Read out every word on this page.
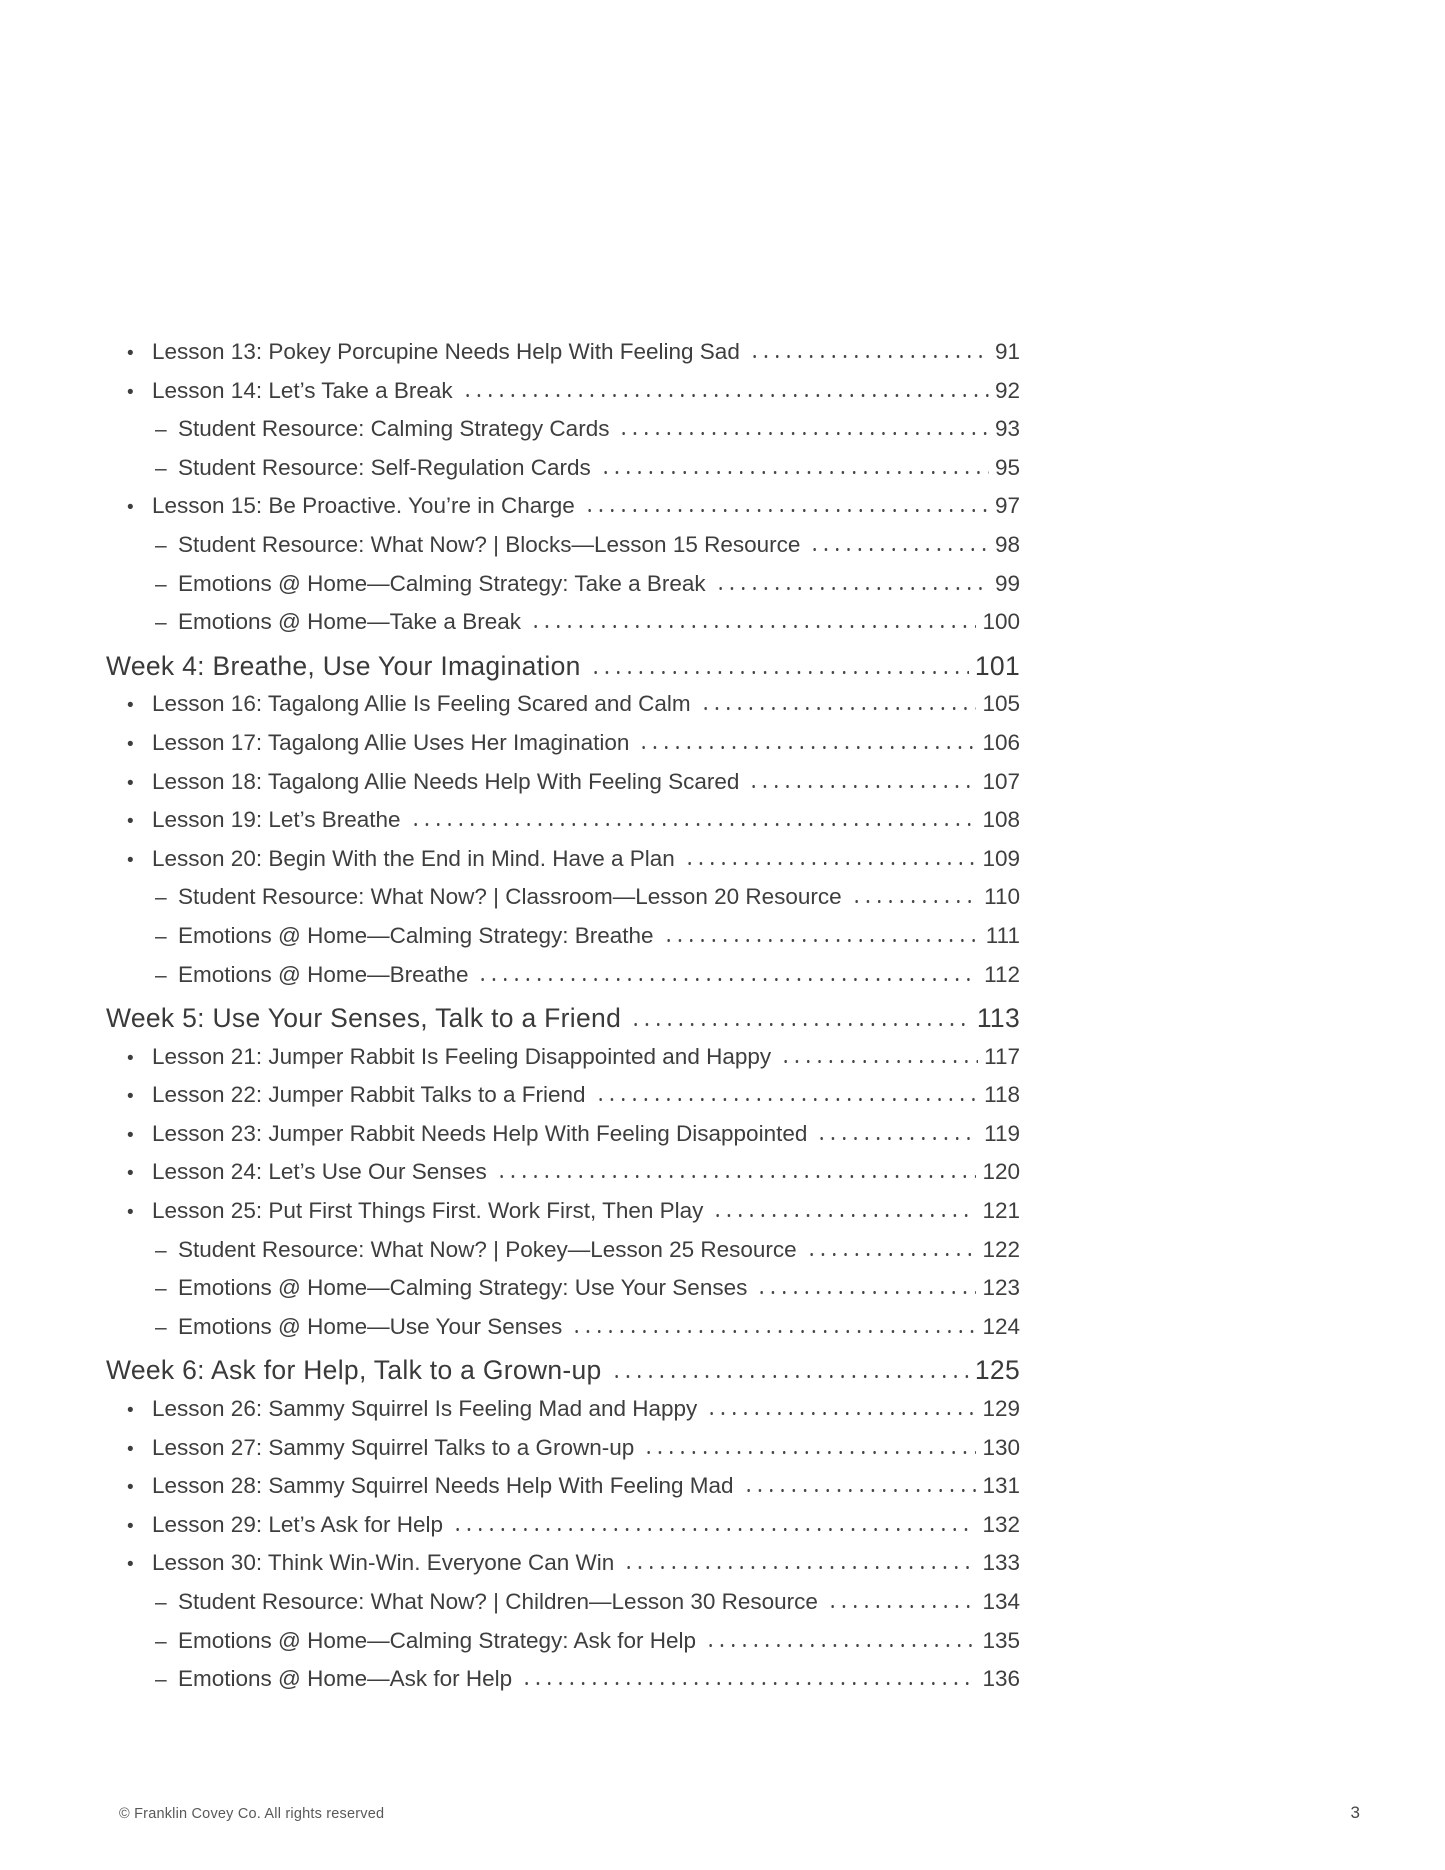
• Lesson 13: Pokey Porcupine Needs Help With Feeling Sad	91
• Lesson 14: Let’s Take a Break	92
– Student Resource: Calming Strategy Cards	93
– Student Resource: Self-Regulation Cards	95
• Lesson 15: Be Proactive. You’re in Charge	97
– Student Resource: What Now? | Blocks—Lesson 15 Resource	98
– Emotions @ Home—Calming Strategy: Take a Break	99
– Emotions @ Home—Take a Break	100
Week 4: Breathe, Use Your Imagination	101
• Lesson 16: Tagalong Allie Is Feeling Scared and Calm	105
• Lesson 17: Tagalong Allie Uses Her Imagination	106
• Lesson 18: Tagalong Allie Needs Help With Feeling Scared	107
• Lesson 19: Let’s Breathe	108
• Lesson 20: Begin With the End in Mind. Have a Plan	109
– Student Resource: What Now? | Classroom—Lesson 20 Resource	110
– Emotions @ Home—Calming Strategy: Breathe	111
– Emotions @ Home—Breathe	112
Week 5: Use Your Senses, Talk to a Friend	113
• Lesson 21: Jumper Rabbit Is Feeling Disappointed and Happy	117
• Lesson 22: Jumper Rabbit Talks to a Friend	118
• Lesson 23: Jumper Rabbit Needs Help With Feeling Disappointed	119
• Lesson 24: Let’s Use Our Senses	120
• Lesson 25: Put First Things First. Work First, Then Play	121
– Student Resource: What Now? | Pokey—Lesson 25 Resource	122
– Emotions @ Home—Calming Strategy: Use Your Senses	123
– Emotions @ Home—Use Your Senses	124
Week 6: Ask for Help, Talk to a Grown-up	125
• Lesson 26: Sammy Squirrel Is Feeling Mad and Happy	129
• Lesson 27: Sammy Squirrel Talks to a Grown-up	130
• Lesson 28: Sammy Squirrel Needs Help With Feeling Mad	131
• Lesson 29: Let’s Ask for Help	132
• Lesson 30: Think Win-Win. Everyone Can Win	133
– Student Resource: What Now? | Children—Lesson 30 Resource	134
– Emotions @ Home—Calming Strategy: Ask for Help	135
– Emotions @ Home—Ask for Help	136
© Franklin Covey Co. All rights reserved	3
